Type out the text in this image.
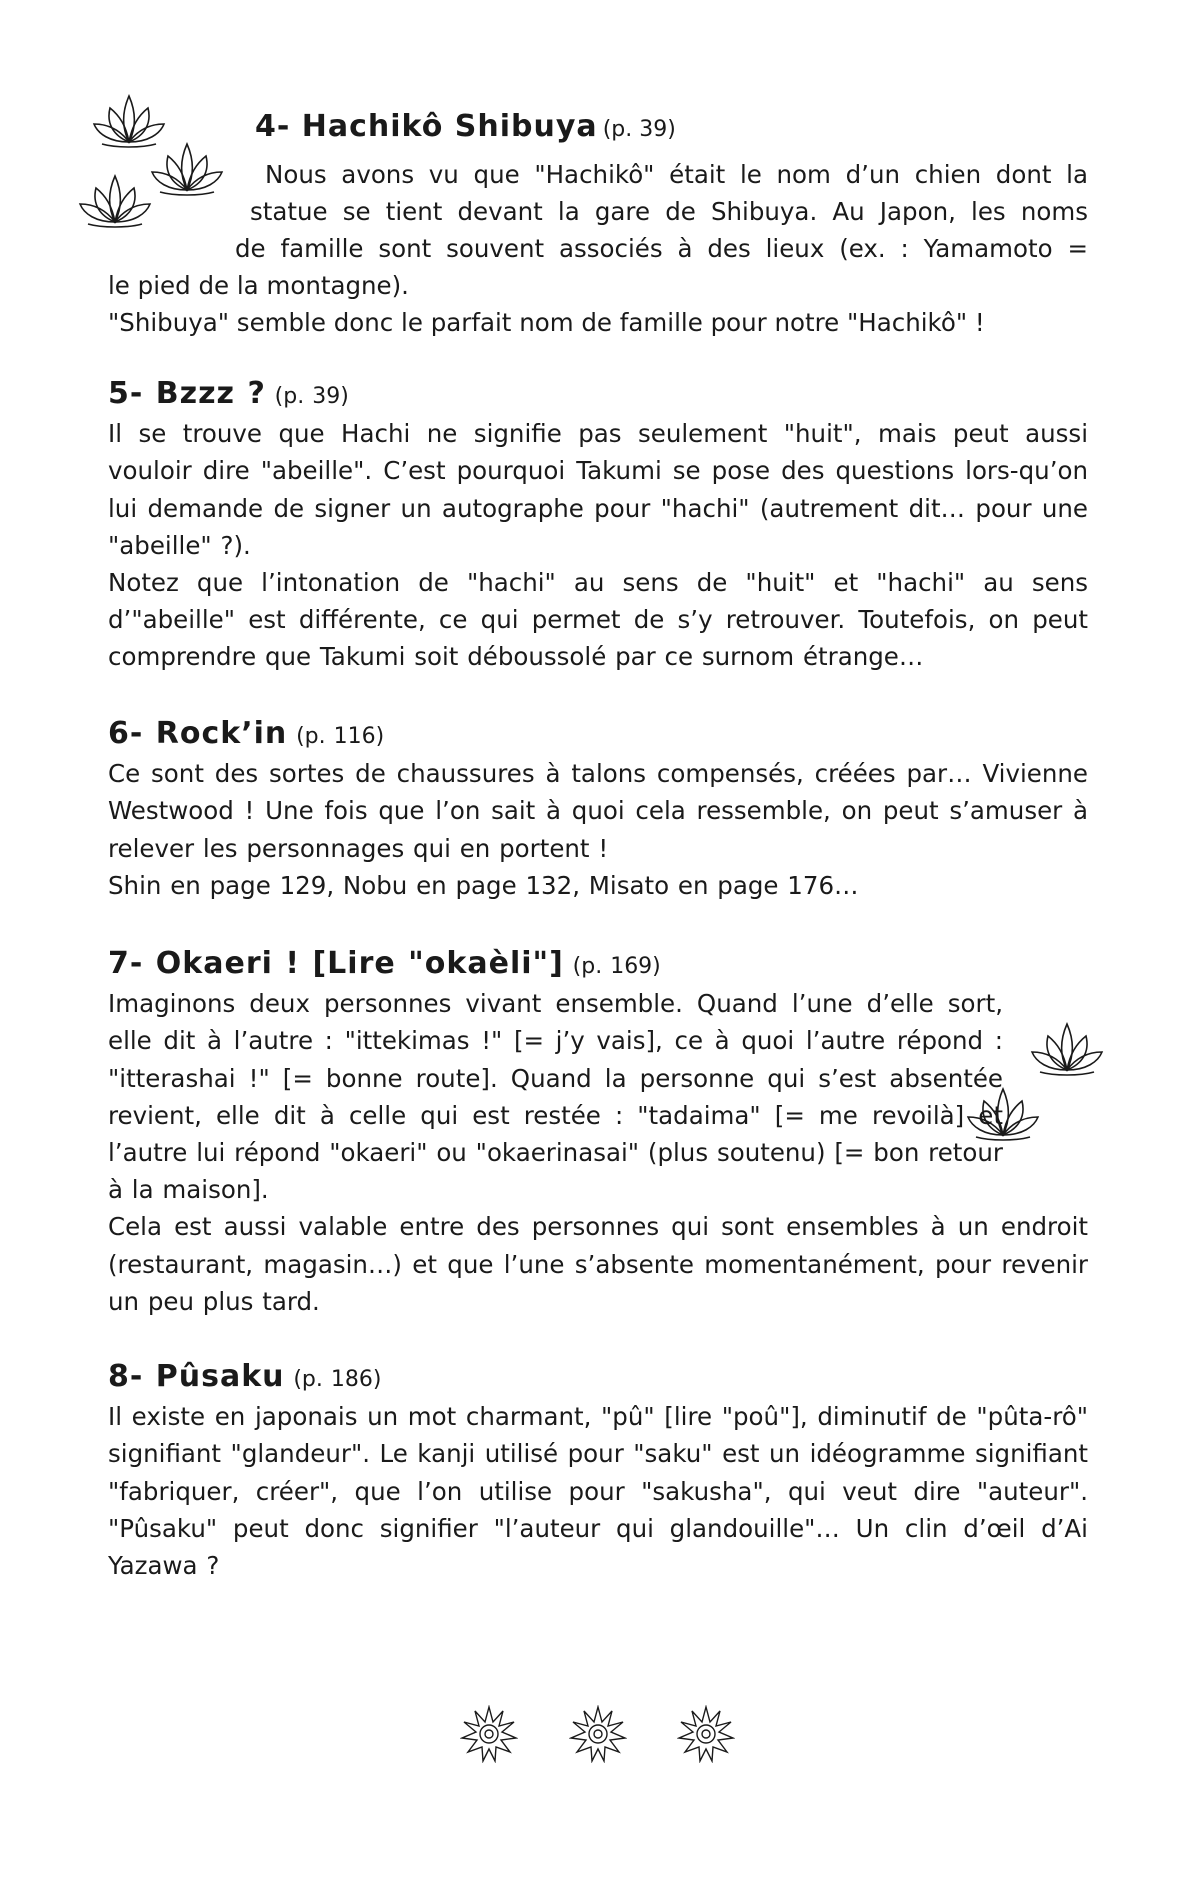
4- Hachikô Shibuya (p. 39)
Nous avons vu que "Hachikô" était le nom d’un chien dont la
statue se tient devant la gare de Shibuya. Au Japon, les noms
de famille sont souvent associés à des lieux (ex. : Yamamoto =
le pied de la montagne).
"Shibuya" semble donc le parfait nom de famille pour notre "Hachikô" !
5- Bzzz ? (p. 39)

Il se trouve que Hachi ne signifie pas seulement "huit", mais peut aussi vouloir dire "abeille". C’est pourquoi Takumi se pose des questions lors-qu’on lui demande de signer un autographe pour "hachi" (autrement dit… pour une "abeille" ?).

Notez que l’intonation de "hachi" au sens de "huit" et "hachi" au sens d’"abeille" est différente, ce qui permet de s’y retrouver. Toutefois, on peut comprendre que Takumi soit déboussolé par ce surnom étrange…

6- Rock’in (p. 116)

Ce sont des sortes de chaussures à talons compensés, créées par… Vivienne Westwood ! Une fois que l’on sait à quoi cela ressemble, on peut s’amuser à relever les personnages qui en portent !

Shin en page 129, Nobu en page 132, Misato en page 176…

7- Okaeri ! [Lire "okaèli"] (p. 169)

Imaginons deux personnes vivant ensemble. Quand l’une d’elle sort, elle dit à l’autre : "ittekimas !" [= j’y vais], ce à quoi l’autre répond : "itterashai !" [= bonne route]. Quand la personne qui s’est absentée revient, elle dit à celle qui est restée : "tadaima" [= me revoilà] et l’autre lui répond "okaeri" ou "okaerinasai" (plus soutenu) [= bon retour à la maison].

Cela est aussi valable entre des personnes qui sont ensembles à un endroit (restaurant, magasin…) et que l’une s’absente momentanément, pour revenir un peu plus tard.

8- Pûsaku (p. 186)

Il existe en japonais un mot charmant, "pû" [lire "poû"], diminutif de "pûta-rô" signifiant "glandeur". Le kanji utilisé pour "saku" est un idéogramme signifiant "fabriquer, créer", que l’on utilise pour "sakusha", qui veut dire "auteur". "Pûsaku" peut donc signifier "l’auteur qui glandouille"… Un clin d’œil d’Ai Yazawa ?
